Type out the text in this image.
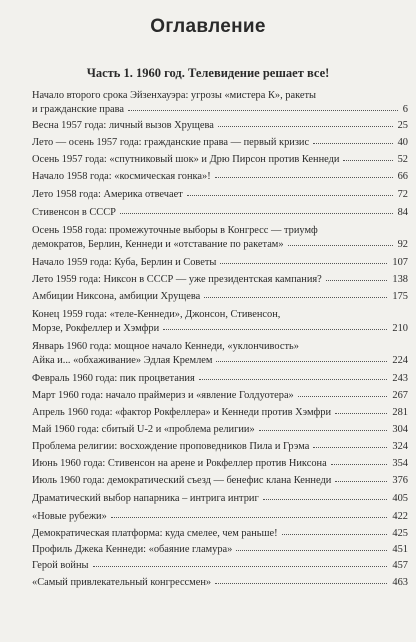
Оглавление
Часть 1. 1960 год. Телевидение решает все!
Начало второго срока Эйзенхауэра: угрозы «мистера К», ракеты
и гражданские права	6
Весна 1957 года: личный вызов Хрущева	25
Лето — осень 1957 года: гражданские права — первый кризис	40
Осень 1957 года: «спутниковый шок» и Дрю Пирсон против Кеннеди	52
Начало 1958 года: «космическая гонка»!	66
Лето 1958 года: Америка отвечает	72
Стивенсон в СССР	84
Осень 1958 года: промежуточные выборы в Конгресс — триумф
демократов, Берлин, Кеннеди и «отставание по ракетам»	92
Начало 1959 года: Куба, Берлин и Советы	107
Лето 1959 года: Никсон в СССР — уже президентская кампания?	138
Амбиции Никсона, амбиции Хрущева	175
Конец 1959 года: «теле-Кеннеди», Джонсон, Стивенсон,
Морзе, Рокфеллер и Хэмфри	210
Январь 1960 года: мощное начало Кеннеди, «уклончивость»
Айка и... «обхаживание» Эдлая Кремлем	224
Февраль 1960 года: пик процветания	243
Март 1960 года: начало праймериз и «явление Голдуотера»	267
Апрель 1960 года: «фактор Рокфеллера» и Кеннеди против Хэмфри	281
Май 1960 года: сбитый U-2 и «проблема религии»	304
Проблема религии: восхождение проповедников Пила и Грэма	324
Июнь 1960 года: Стивенсон на арене и Рокфеллер против Никсона	354
Июль 1960 года: демократический съезд — бенефис клана Кеннеди	376
Драматический выбор напарника – интрига интриг	405
«Новые рубежи»	422
Демократическая платформа: куда смелее, чем раньше!	425
Профиль Джека Кеннеди: «обаяние гламура»	451
Герой войны	457
«Самый привлекательный конгрессмен»	463
